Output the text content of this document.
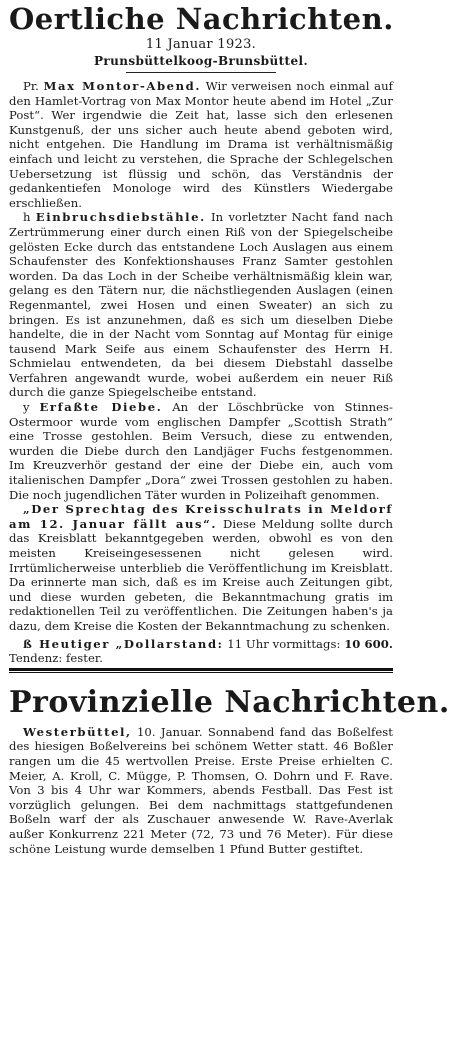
Oertliche Nachrichten.
11 Januar 1923.
Prunsbüttelkoog-Brunsbüttel.

Pr. Max Montor-Abend. Wir verweisen noch einmal auf den Hamlet-Vortrag von Max Montor heute abend im Hotel „Zur Post“. Wer irgendwie die Zeit hat, lasse sich den erlesenen Kunstgenuß, der uns sicher auch heute abend geboten wird, nicht entgehen. Die Handlung im Drama ist verhältnismäßig einfach und leicht zu verstehen, die Sprache der Schlegelschen Uebersetzung ist flüssig und schön, das Verständnis der gedankentiefen Monologe wird des Künstlers Wiedergabe erschließen.

h Einbruchsdiebstähle. In vorletzter Nacht fand nach Zertrümmerung einer durch einen Riß von der Spiegelscheibe gelösten Ecke durch das entstandene Loch Auslagen aus einem Schaufenster des Konfektionshauses Franz Samter gestohlen worden. Da das Loch in der Scheibe verhältnismäßig klein war, gelang es den Tätern nur, die nächstliegenden Auslagen (einen Regenmantel, zwei Hosen und einen Sweater) an sich zu bringen. Es ist anzunehmen, daß es sich um dieselben Diebe handelte, die in der Nacht vom Sonntag auf Montag für einige tausend Mark Seife aus einem Schaufenster des Herrn H. Schmielau entwendeten, da bei diesem Diebstahl dasselbe Verfahren angewandt wurde, wobei außerdem ein neuer Riß durch die ganze Spiegelscheibe entstand.

y Erfaßte Diebe. An der Löschbrücke von Stinnes-Ostermoor wurde vom englischen Dampfer „Scottish Strath“ eine Trosse gestohlen. Beim Versuch, diese zu entwenden, wurden die Diebe durch den Landjäger Fuchs festgenommen. Im Kreuzverhör gestand der eine der Diebe ein, auch vom italienischen Dampfer „Dora“ zwei Trossen gestohlen zu haben. Die noch jugendlichen Täter wurden in Polizeihaft genommen.

„Der Sprechtag des Kreisschulrats in Meldorf am 12. Januar fällt aus“. Diese Meldung sollte durch das Kreisblatt bekanntgegeben werden, obwohl es von den meisten Kreiseingesessenen nicht gelesen wird. Irrtümlicherweise unterblieb die Veröffentlichung im Kreisblatt. Da erinnerte man sich, daß es im Kreise auch Zeitungen gibt, und diese wurden gebeten, die Bekanntmachung gratis im redaktionellen Teil zu veröffentlichen. Die Zeitungen haben's ja dazu, dem Kreise die Kosten der Bekanntmachung zu schenken.

ß Heutiger „Dollarstand: 11 Uhr vormittags: 10 600. Tendenz: fester.

Provinzielle Nachrichten.

Westerbüttel, 10. Januar. Sonnabend fand das Boßelfest des hiesigen Boßelvereins bei schönem Wetter statt. 46 Boßler rangen um die 45 wertvollen Preise. Erste Preise erhielten C. Meier, A. Kroll, C. Mügge, P. Thomsen, O. Dohrn und F. Rave. Von 3 bis 4 Uhr war Kommers, abends Festball. Das Fest ist vorzüglich gelungen. Bei dem nachmittags stattgefundenen Boßeln warf der als Zuschauer anwesende W. Rave-Averlak außer Konkurrenz 221 Meter (72, 73 und 76 Meter). Für diese schöne Leistung wurde demselben 1 Pfund Butter gestiftet.
